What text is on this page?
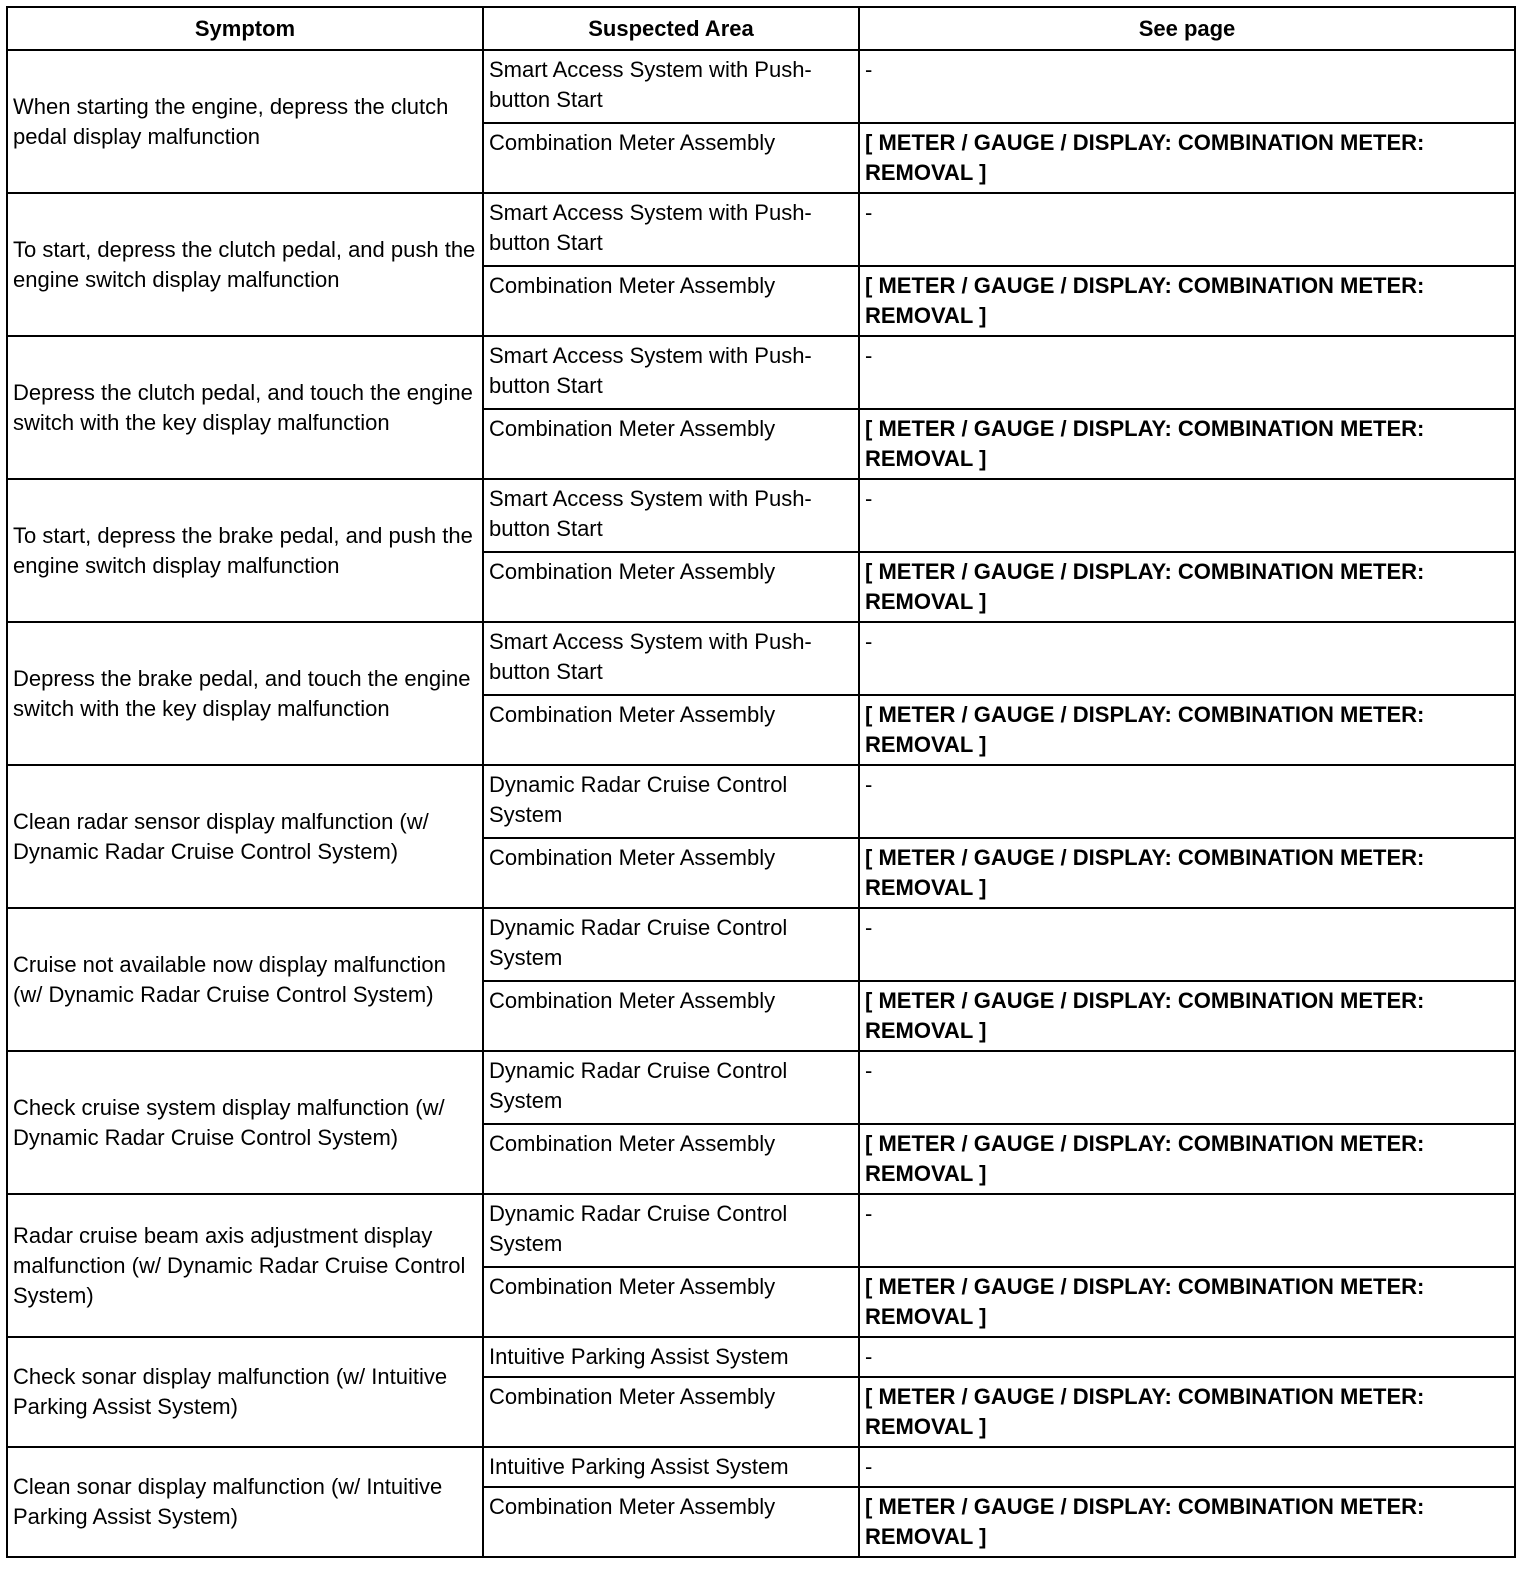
Symptom	Suspected Area	See page
When starting the engine, depress the clutch pedal display malfunction	Smart Access System with Push-button Start	-
	Combination Meter Assembly	[ METER / GAUGE / DISPLAY: COMBINATION METER: REMOVAL ]
To start, depress the clutch pedal, and push the engine switch display malfunction	Smart Access System with Push-button Start	-
	Combination Meter Assembly	[ METER / GAUGE / DISPLAY: COMBINATION METER: REMOVAL ]
Depress the clutch pedal, and touch the engine switch with the key display malfunction	Smart Access System with Push-button Start	-
	Combination Meter Assembly	[ METER / GAUGE / DISPLAY: COMBINATION METER: REMOVAL ]
To start, depress the brake pedal, and push the engine switch display malfunction	Smart Access System with Push-button Start	-
	Combination Meter Assembly	[ METER / GAUGE / DISPLAY: COMBINATION METER: REMOVAL ]
Depress the brake pedal, and touch the engine switch with the key display malfunction	Smart Access System with Push-button Start	-
	Combination Meter Assembly	[ METER / GAUGE / DISPLAY: COMBINATION METER: REMOVAL ]
Clean radar sensor display malfunction (w/ Dynamic Radar Cruise Control System)	Dynamic Radar Cruise Control System	-
	Combination Meter Assembly	[ METER / GAUGE / DISPLAY: COMBINATION METER: REMOVAL ]
Cruise not available now display malfunction (w/ Dynamic Radar Cruise Control System)	Dynamic Radar Cruise Control System	-
	Combination Meter Assembly	[ METER / GAUGE / DISPLAY: COMBINATION METER: REMOVAL ]
Check cruise system display malfunction (w/ Dynamic Radar Cruise Control System)	Dynamic Radar Cruise Control System	-
	Combination Meter Assembly	[ METER / GAUGE / DISPLAY: COMBINATION METER: REMOVAL ]
Radar cruise beam axis adjustment display malfunction (w/ Dynamic Radar Cruise Control System)	Dynamic Radar Cruise Control System	-
	Combination Meter Assembly	[ METER / GAUGE / DISPLAY: COMBINATION METER: REMOVAL ]
Check sonar display malfunction (w/ Intuitive Parking Assist System)	Intuitive Parking Assist System	-
	Combination Meter Assembly	[ METER / GAUGE / DISPLAY: COMBINATION METER: REMOVAL ]
Clean sonar display malfunction (w/ Intuitive Parking Assist System)	Intuitive Parking Assist System	-
	Combination Meter Assembly	[ METER / GAUGE / DISPLAY: COMBINATION METER: REMOVAL ]
